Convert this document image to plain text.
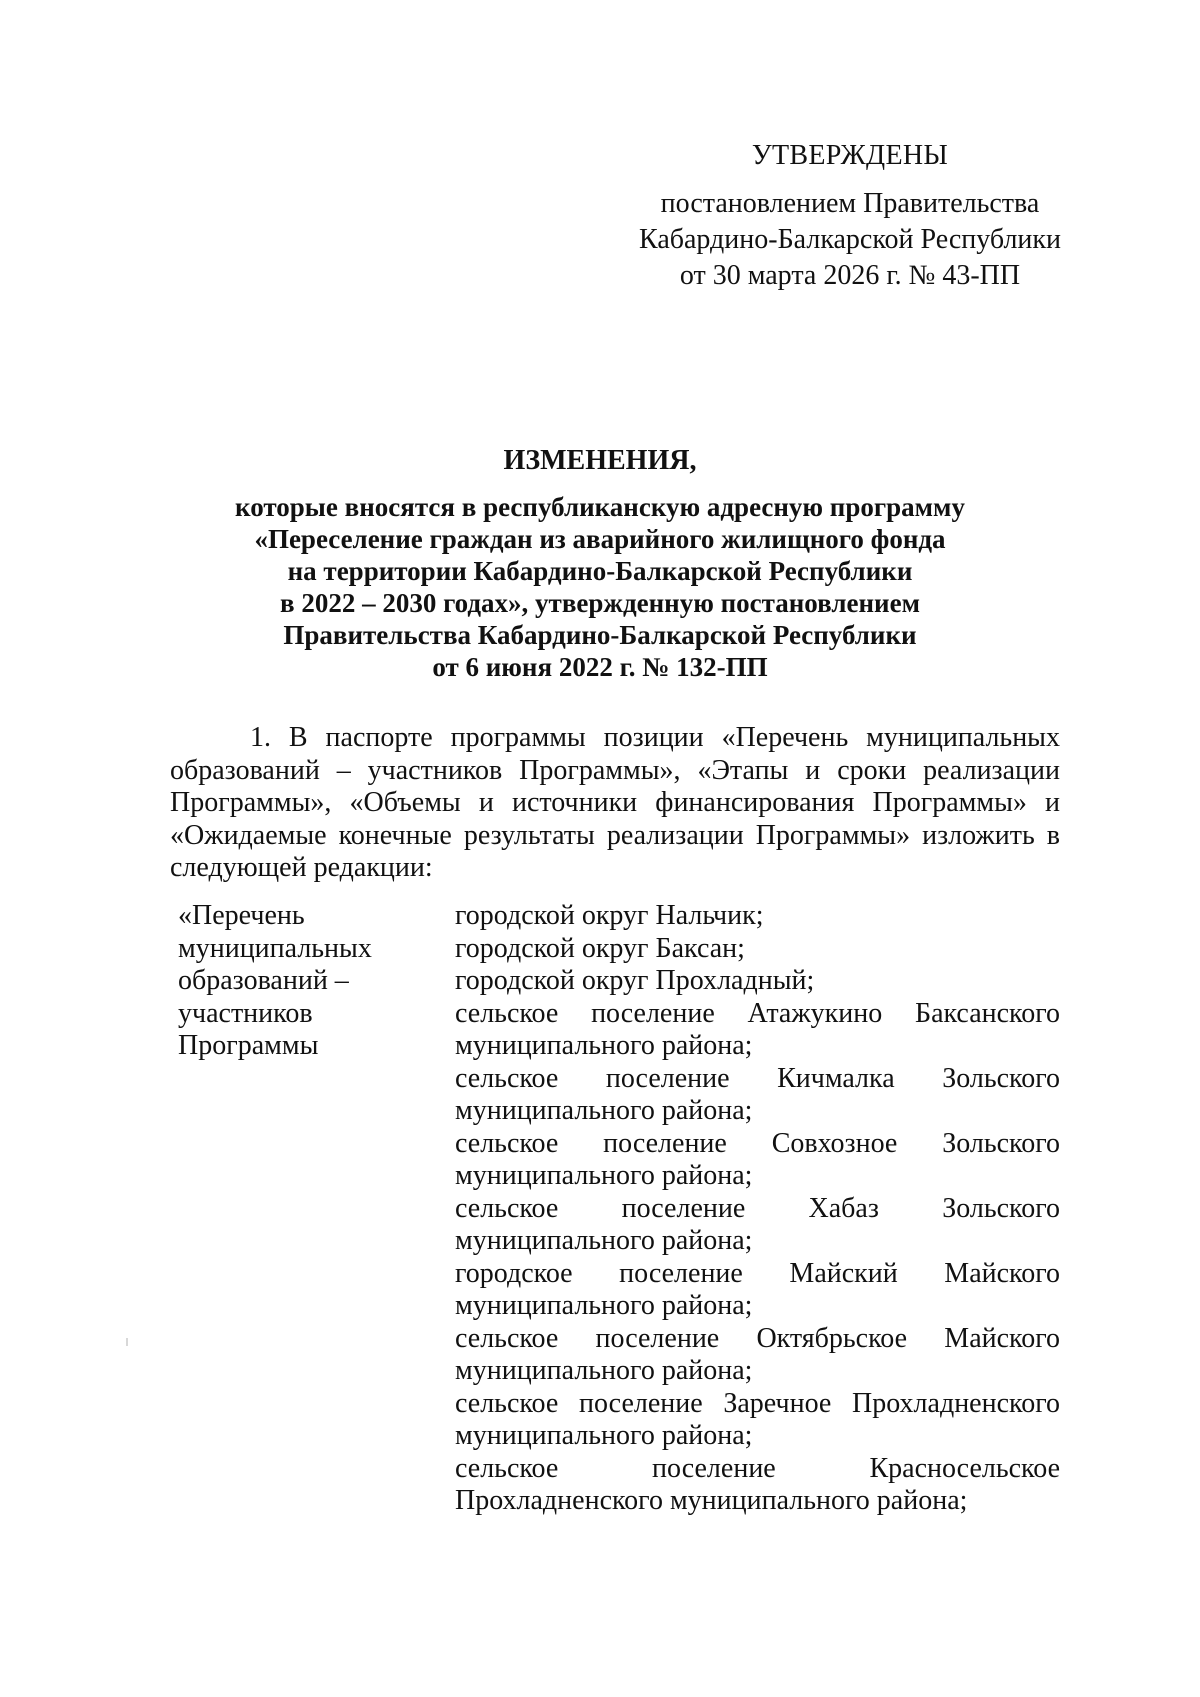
УТВЕРЖДЕНЫ
постановлением Правительства
Кабардино-Балкарской Республики
от 30 марта 2026 г. № 43-ПП
ИЗМЕНЕНИЯ,
которые вносятся в республиканскую адресную программу
«Переселение граждан из аварийного жилищного фонда
на территории Кабардино-Балкарской Республики
в 2022 – 2030 годах», утвержденную постановлением
Правительства Кабардино-Балкарской Республики
от 6 июня 2022 г. № 132-ПП

1. В паспорте программы позиции «Перечень муниципальных образований – участников Программы», «Этапы и сроки реализации Программы», «Объемы и источники финансирования Программы» и «Ожидаемые конечные результаты реализации Программы» изложить в следующей редакции:

«Перечень
муниципальных
образований –
участников
Программы
городской округ Нальчик;
городской округ Баксан;
городской округ Прохладный;
сельское поселение Атажукино Баксанского муниципального района;
сельское поселение Кичмалка Зольского муниципального района;
сельское поселение Совхозное Зольского муниципального района;
сельское поселение Хабаз Зольского муниципального района;
городское поселение Майский Майского муниципального района;
сельское поселение Октябрьское Майского муниципального района;
сельское поселение Заречное Прохладненского муниципального района;
сельское поселение Красносельское Прохладненского муниципального района;
